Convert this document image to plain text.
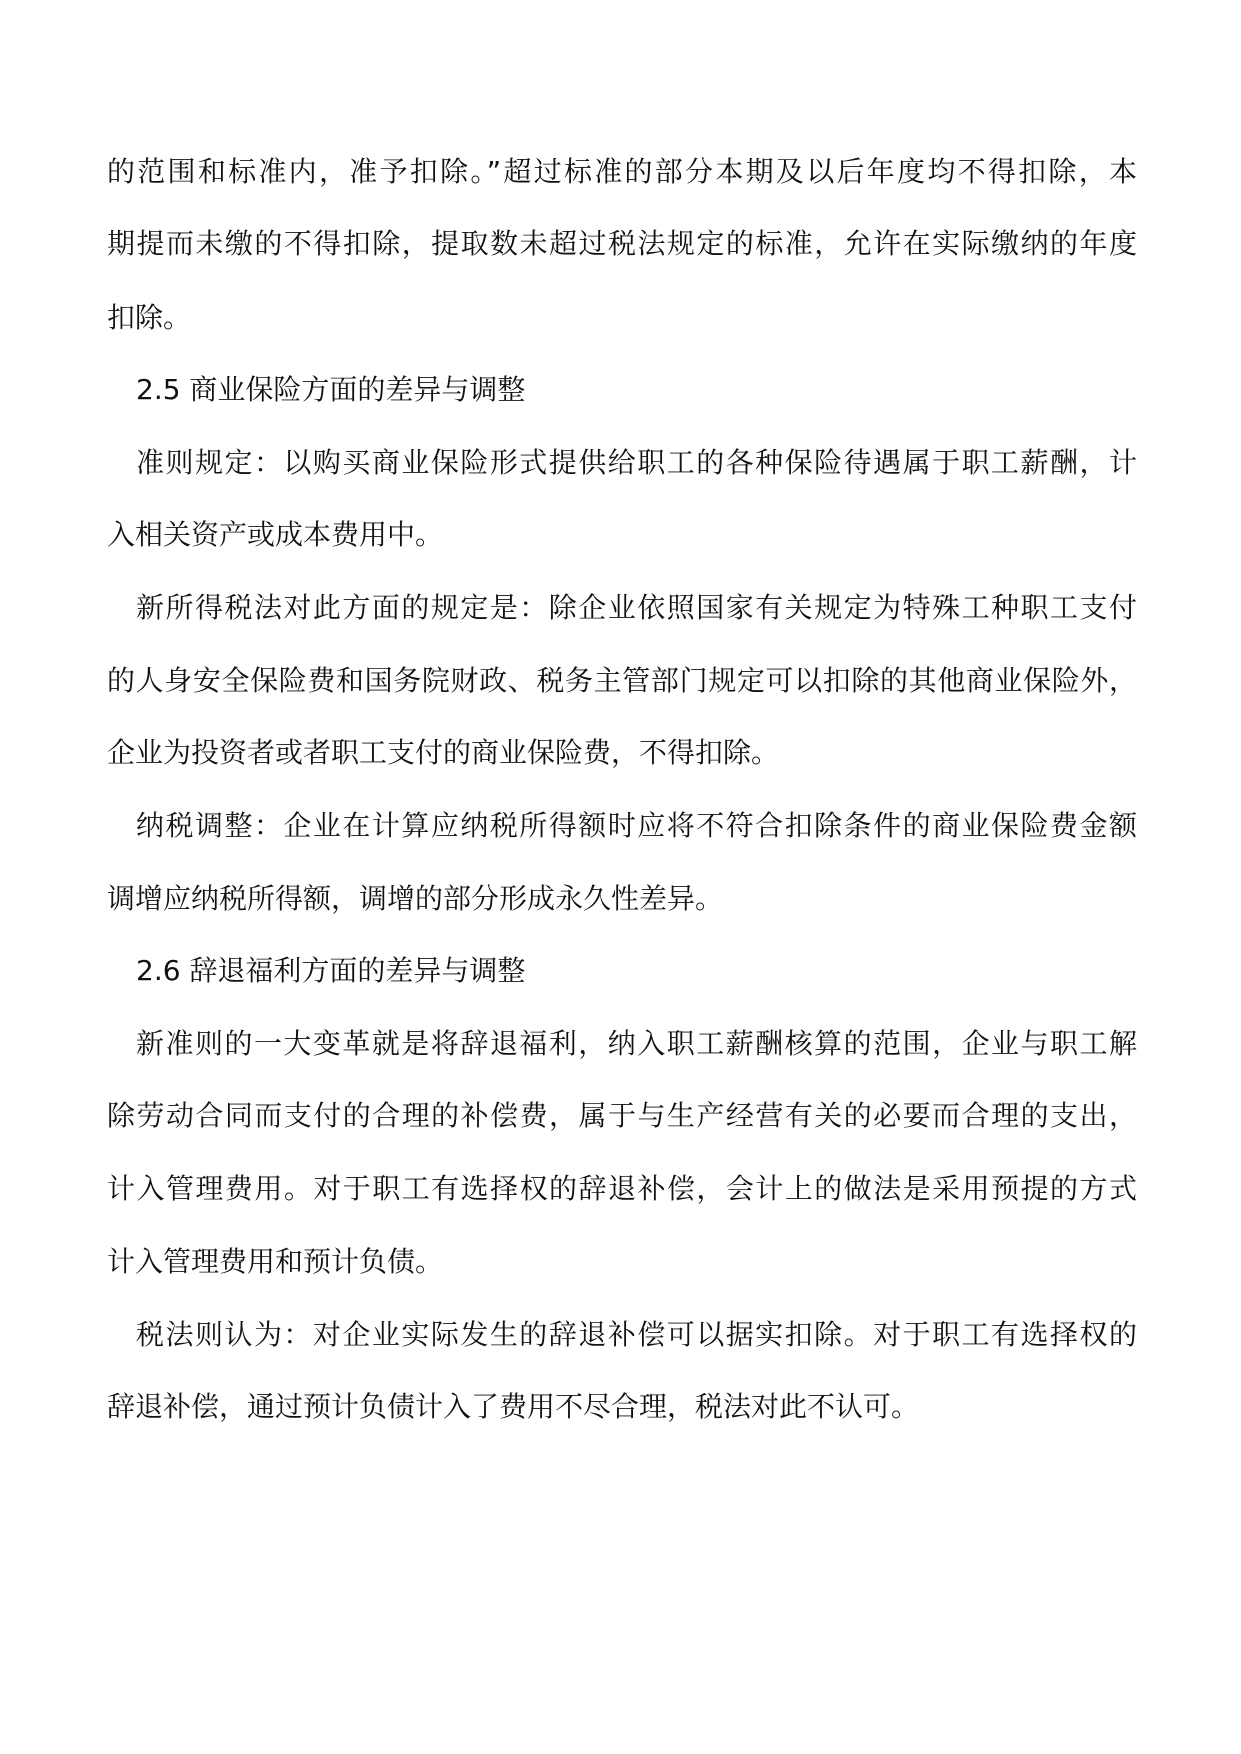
的范围和标准内，准予扣除。”超过标准的部分本期及以后年度均不得扣除，本
期提而未缴的不得扣除，提取数未超过税法规定的标准，允许在实际缴纳的年度
扣除。
2.5 商业保险方面的差异与调整
准则规定：以购买商业保险形式提供给职工的各种保险待遇属于职工薪酬，计
入相关资产或成本费用中。
新所得税法对此方面的规定是：除企业依照国家有关规定为特殊工种职工支付
的人身安全保险费和国务院财政、税务主管部门规定可以扣除的其他商业保险外，
企业为投资者或者职工支付的商业保险费，不得扣除。
纳税调整：企业在计算应纳税所得额时应将不符合扣除条件的商业保险费金额
调增应纳税所得额，调增的部分形成永久性差异。
2.6 辞退福利方面的差异与调整
新准则的一大变革就是将辞退福利，纳入职工薪酬核算的范围，企业与职工解
除劳动合同而支付的合理的补偿费，属于与生产经营有关的必要而合理的支出，
计入管理费用。对于职工有选择权的辞退补偿，会计上的做法是采用预提的方式
计入管理费用和预计负债。
税法则认为：对企业实际发生的辞退补偿可以据实扣除。对于职工有选择权的
辞退补偿，通过预计负债计入了费用不尽合理，税法对此不认可。
